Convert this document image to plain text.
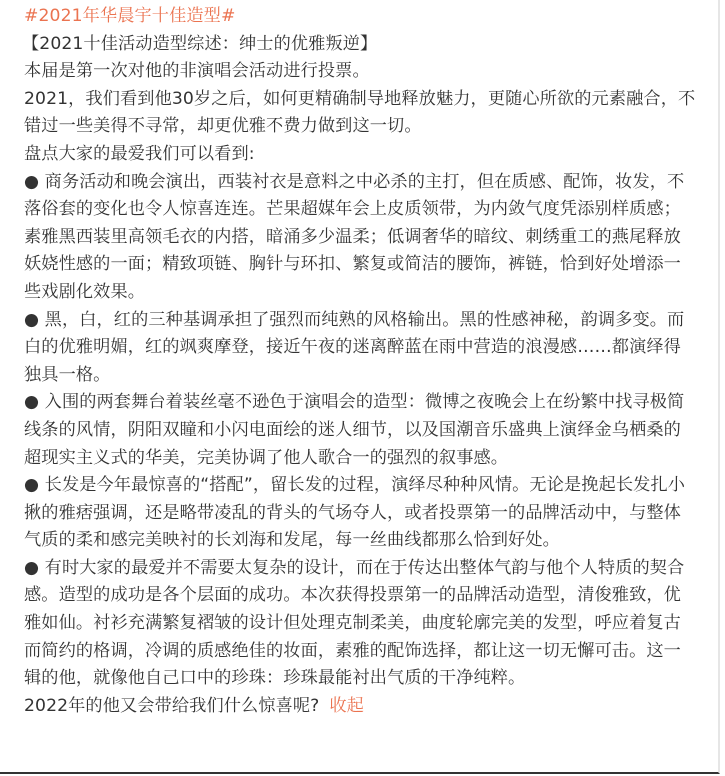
#2021年华晨宇十佳造型#
【2021十佳活动造型综述：绅士的优雅叛逆】
本届是第一次对他的非演唱会活动进行投票。
2021，我们看到他30岁之后，如何更精确制导地释放魅力，更随心所欲的元素融合，不
错过一些美得不寻常，却更优雅不费力做到这一切。
盘点大家的最爱我们可以看到:
● 商务活动和晚会演出，西装衬衣是意料之中必杀的主打，但在质感、配饰，妆发，不
落俗套的变化也令人惊喜连连。芒果超媒年会上皮质领带，为内敛气度凭添别样质感；
素雅黑西装里高领毛衣的内搭，暗涌多少温柔；低调奢华的暗纹、刺绣重工的燕尾释放
妖娆性感的一面；精致项链、胸针与环扣、繁复或简洁的腰饰，裤链，恰到好处增添一
些戏剧化效果。
● 黑，白，红的三种基调承担了强烈而纯熟的风格输出。黑的性感神秘，韵调多变。而
白的优雅明媚，红的飒爽摩登，接近午夜的迷离醉蓝在雨中营造的浪漫感……都演绎得
独具一格。
● 入围的两套舞台着装丝毫不逊色于演唱会的造型：微博之夜晚会上在纷繁中找寻极简
线条的风情，阴阳双瞳和小闪电面绘的迷人细节，以及国潮音乐盛典上演绎金乌栖桑的
超现实主义式的华美，完美协调了他人歌合一的强烈的叙事感。
● 长发是今年最惊喜的“搭配”，留长发的过程，演绎尽种种风情。无论是挽起长发扎小
揪的雅痞强调，还是略带凌乱的背头的气场夺人，或者投票第一的品牌活动中，与整体
气质的柔和感完美映衬的长刘海和发尾，每一丝曲线都那么恰到好处。
● 有时大家的最爱并不需要太复杂的设计，而在于传达出整体气韵与他个人特质的契合
感。造型的成功是各个层面的成功。本次获得投票第一的品牌活动造型，清俊雅致，优
雅如仙。衬衫充满繁复褶皱的设计但处理克制柔美，曲度轮廓完美的发型，呼应着复古
而简约的格调，冷调的质感绝佳的妆面，素雅的配饰选择，都让这一切无懈可击。这一
辑的他，就像他自己口中的珍珠：珍珠最能衬出气质的干净纯粹。
2022年的他又会带给我们什么惊喜呢? 收起
